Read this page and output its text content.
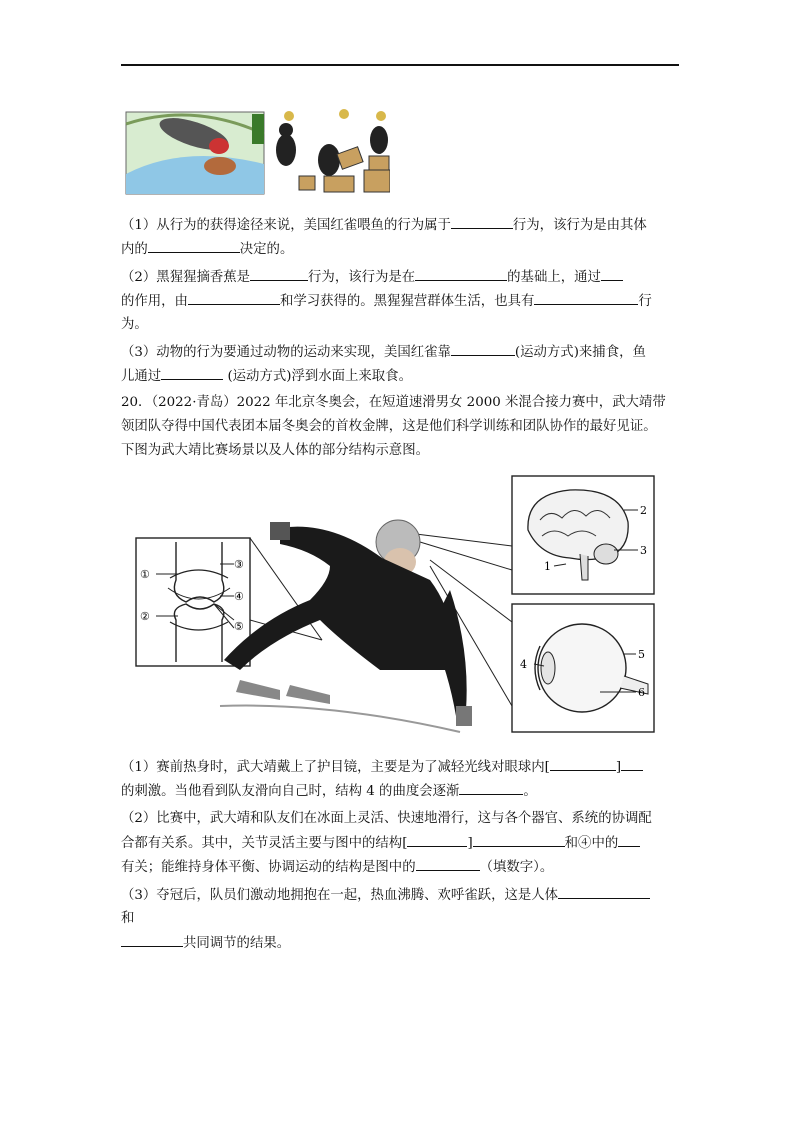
（1）从行为的获得途径来说，美国红雀喂鱼的行为属于	行为，该行为是由其体
内的	决定的。
（2）黑猩猩摘香蕉是	行为，该行为是在	的基础上，通过
的作用，由	和学习获得的。黑猩猩营群体生活，也具有	行
为。
（3）动物的行为要通过动物的运动来实现，美国红雀靠	(运动方式)来捕食，鱼
儿通过	(运动方式)浮到水面上来取食。
20．（2022·青岛）2022 年北京冬奥会，在短道速滑男女 2000 米混合接力赛中，武大靖带
领团队夺得中国代表团本届冬奥会的首枚金牌，这是他们科学训练和团队协作的最好见证。
下图为武大靖比赛场景以及人体的部分结构示意图。
①
②
③
④
⑤
2
3
1
4
5
6
（1）赛前热身时，武大靖戴上了护目镜，主要是为了减轻光线对眼球内[	]
的刺激。当他看到队友滑向自己时，结构 4 的曲度会逐渐	。
（2）比赛中，武大靖和队友们在冰面上灵活、快速地滑行，这与各个器官、系统的协调配
合都有关系。其中，关节灵活主要与图中的结构[	]	和④中的
有关；能维持身体平衡、协调运动的结构是图中的	（填数字）。
（3）夺冠后，队员们激动地拥抱在一起，热血沸腾、欢呼雀跃，这是人体
和
共同调节的结果。
